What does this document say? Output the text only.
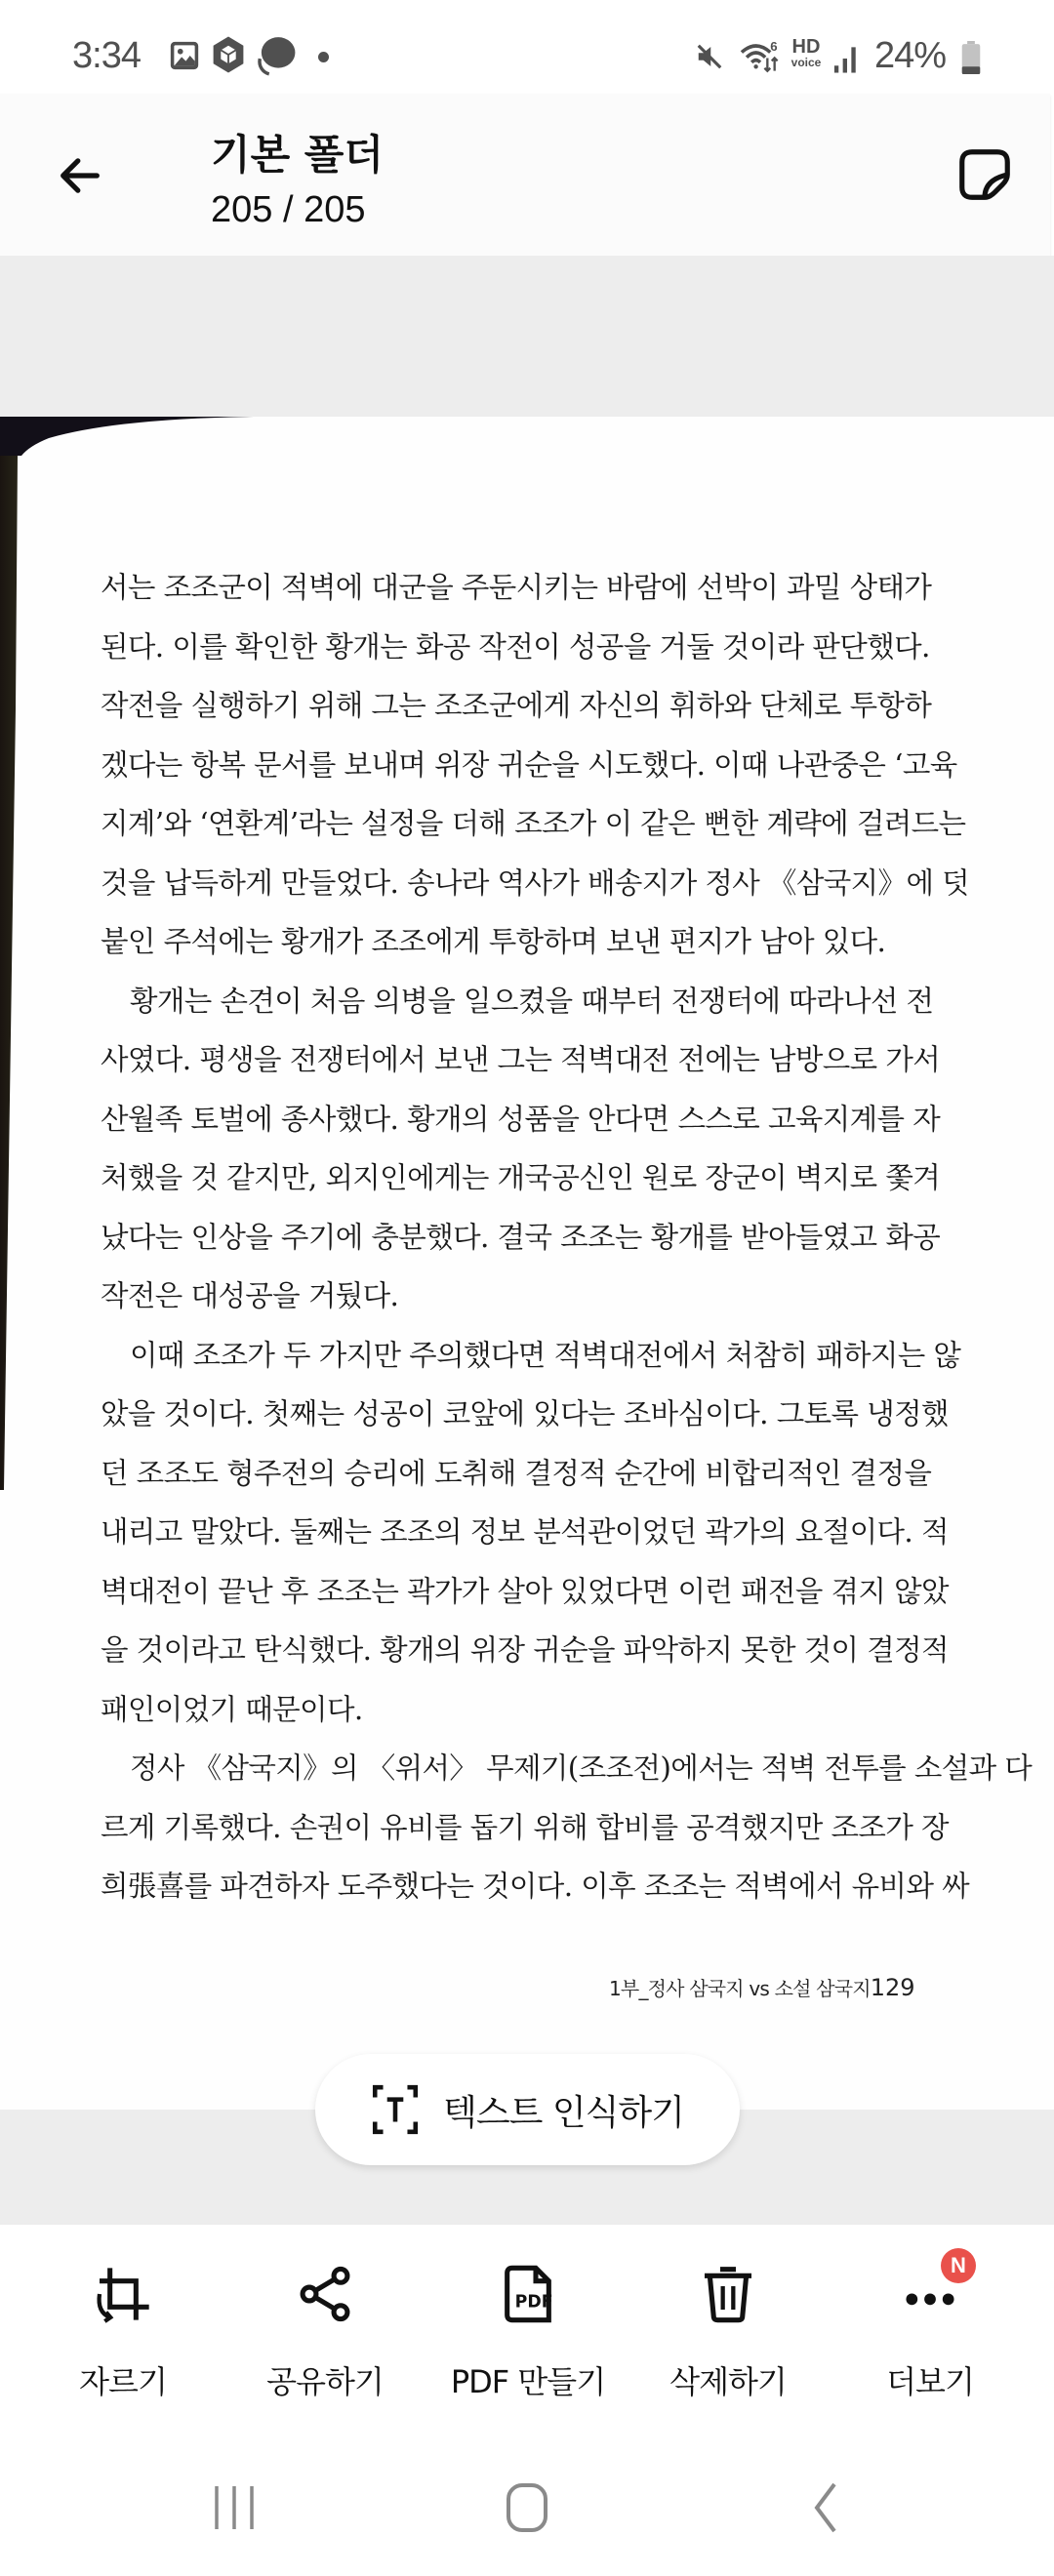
3:34	6 HD
voice 24%
기본 폴더
205 / 205
서는 조조군이 적벽에 대군을 주둔시키는 바람에 선박이 과밀 상태가
된다. 이를 확인한 황개는 화공 작전이 성공을 거둘 것이라 판단했다.
작전을 실행하기 위해 그는 조조군에게 자신의 휘하와 단체로 투항하
겠다는 항복 문서를 보내며 위장 귀순을 시도했다. 이때 나관중은 ‘고육
지계’와 ‘연환계’라는 설정을 더해 조조가 이 같은 뻔한 계략에 걸려드는
것을 납득하게 만들었다. 송나라 역사가 배송지가 정사 《삼국지》에 덧
붙인 주석에는 황개가 조조에게 투항하며 보낸 편지가 남아 있다.
황개는 손견이 처음 의병을 일으켰을 때부터 전쟁터에 따라나선 전
사였다. 평생을 전쟁터에서 보낸 그는 적벽대전 전에는 남방으로 가서
산월족 토벌에 종사했다. 황개의 성품을 안다면 스스로 고육지계를 자
처했을 것 같지만, 외지인에게는 개국공신인 원로 장군이 벽지로 쫓겨
났다는 인상을 주기에 충분했다. 결국 조조는 황개를 받아들였고 화공
작전은 대성공을 거뒀다.
이때 조조가 두 가지만 주의했다면 적벽대전에서 처참히 패하지는 않
았을 것이다. 첫째는 성공이 코앞에 있다는 조바심이다. 그토록 냉정했
던 조조도 형주전의 승리에 도취해 결정적 순간에 비합리적인 결정을
내리고 말았다. 둘째는 조조의 정보 분석관이었던 곽가의 요절이다. 적
벽대전이 끝난 후 조조는 곽가가 살아 있었다면 이런 패전을 겪지 않았
을 것이라고 탄식했다. 황개의 위장 귀순을 파악하지 못한 것이 결정적
패인이었기 때문이다.
정사 《삼국지》의 〈위서〉 무제기(조조전)에서는 적벽 전투를 소설과 다
르게 기록했다. 손권이 유비를 돕기 위해 합비를 공격했지만 조조가 장
희張喜를 파견하자 도주했다는 것이다. 이후 조조는 적벽에서 유비와 싸
1부_정사 삼국지 vs 소설 삼국지 129
텍스트 인식하기
자르기	공유하기
PDF
PDF 만들기	삭제하기
N
더보기
